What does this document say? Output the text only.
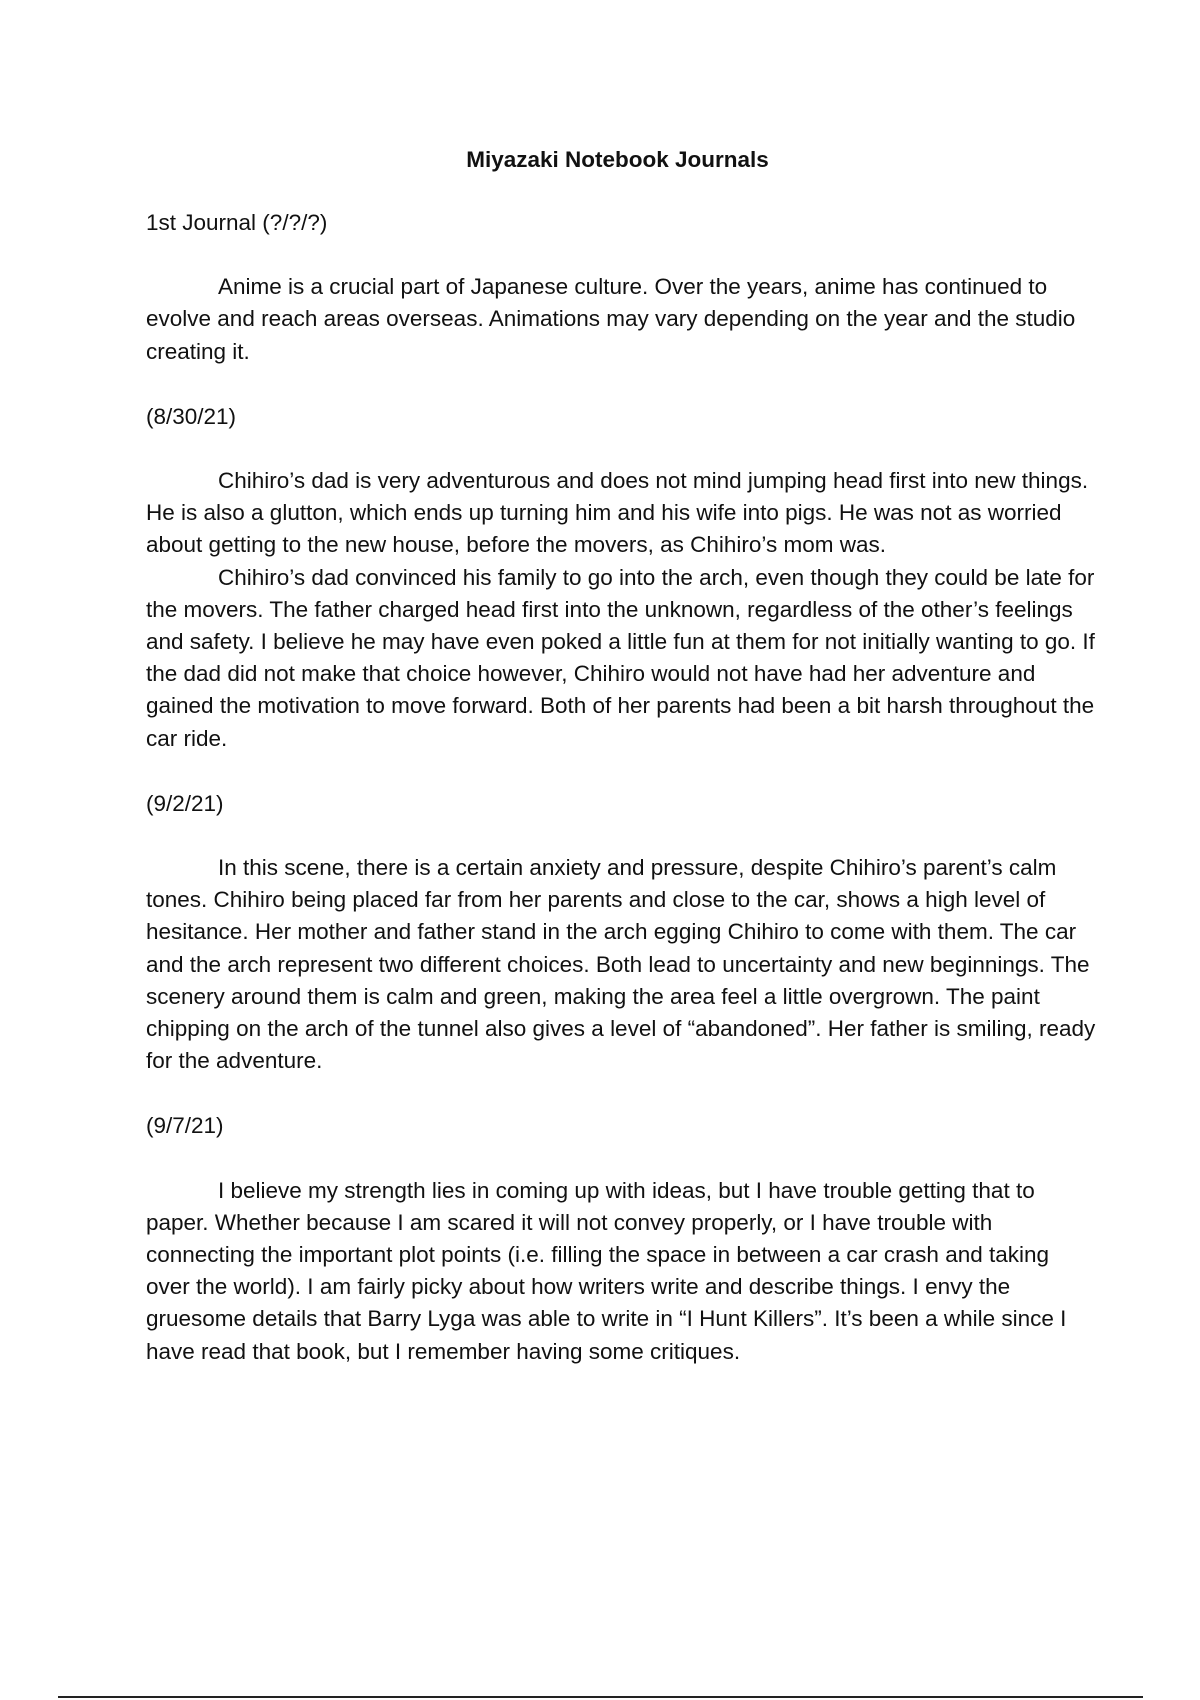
Miyazaki Notebook Journals

1st Journal (?/?/?)

Anime is a crucial part of Japanese culture. Over the years, anime has continued to evolve and reach areas overseas. Animations may vary depending on the year and the studio creating it.

(8/30/21)

Chihiro’s dad is very adventurous and does not mind jumping head first into new things. He is also a glutton, which ends up turning him and his wife into pigs. He was not as worried about getting to the new house, before the movers, as Chihiro’s mom was.

Chihiro’s dad convinced his family to go into the arch, even though they could be late for the movers. The father charged head first into the unknown, regardless of the other’s feelings and safety. I believe he may have even poked a little fun at them for not initially wanting to go. If the dad did not make that choice however, Chihiro would not have had her adventure and gained the motivation to move forward. Both of her parents had been a bit harsh throughout the car ride.

(9/2/21)

In this scene, there is a certain anxiety and pressure, despite Chihiro’s parent’s calm tones. Chihiro being placed far from her parents and close to the car, shows a high level of hesitance. Her mother and father stand in the arch egging Chihiro to come with them. The car and the arch represent two different choices. Both lead to uncertainty and new beginnings. The scenery around them is calm and green, making the area feel a little overgrown. The paint chipping on the arch of the tunnel also gives a level of “abandoned”. Her father is smiling, ready for the adventure.

(9/7/21)

I believe my strength lies in coming up with ideas, but I have trouble getting that to paper. Whether because I am scared it will not convey properly, or I have trouble with connecting the important plot points (i.e. filling the space in between a car crash and taking over the world). I am fairly picky about how writers write and describe things. I envy the gruesome details that Barry Lyga was able to write in “I Hunt Killers”. It’s been a while since I have read that book, but I remember having some critiques.
